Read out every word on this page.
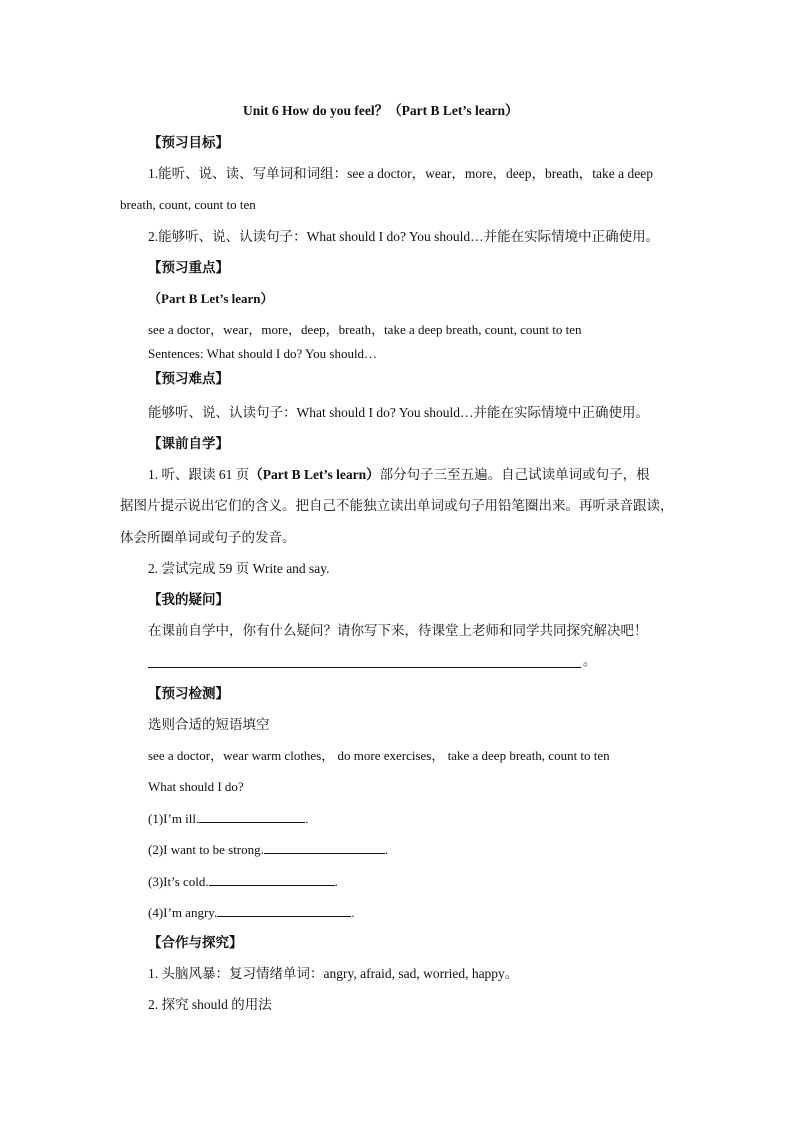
Unit 6 How do you feel？（Part B Let’s learn）
【预习目标】
1.能听、说、读、写单词和词组：see a doctor，wear，more，deep，breath，take a deep
breath, count, count to ten
2.能够听、说、认读句子：What should I do? You should…并能在实际情境中正确使用。
【预习重点】
（Part B Let’s learn）
see a doctor，wear，more，deep，breath，take a deep breath, count, count to ten
Sentences: What should I do? You should…
【预习难点】
能够听、说、认读句子：What should I do? You should…并能在实际情境中正确使用。
【课前自学】
1. 听、跟读 61 页（Part B Let’s learn）部分句子三至五遍。自己试读单词或句子，根
据图片提示说出它们的含义。把自己不能独立读出单词或句子用铅笔圈出来。再听录音跟读，
体会所圈单词或句子的发音。
2. 尝试完成 59 页 Write and say.
【我的疑问】
在课前自学中，你有什么疑问？请你写下来，待课堂上老师和同学共同探究解决吧！
。
【预习检测】
选则合适的短语填空
see a doctor，wear warm clothes， do more exercises， take a deep breath, count to ten
What should I do?
(1)I’m ill.	.
(2)I want to be strong.	.
(3)It’s cold.	.
(4)I’m angry.	.
【合作与探究】
1. 头脑风暴：复习情绪单词：angry, afraid, sad, worried, happy。
2. 探究 should 的用法
